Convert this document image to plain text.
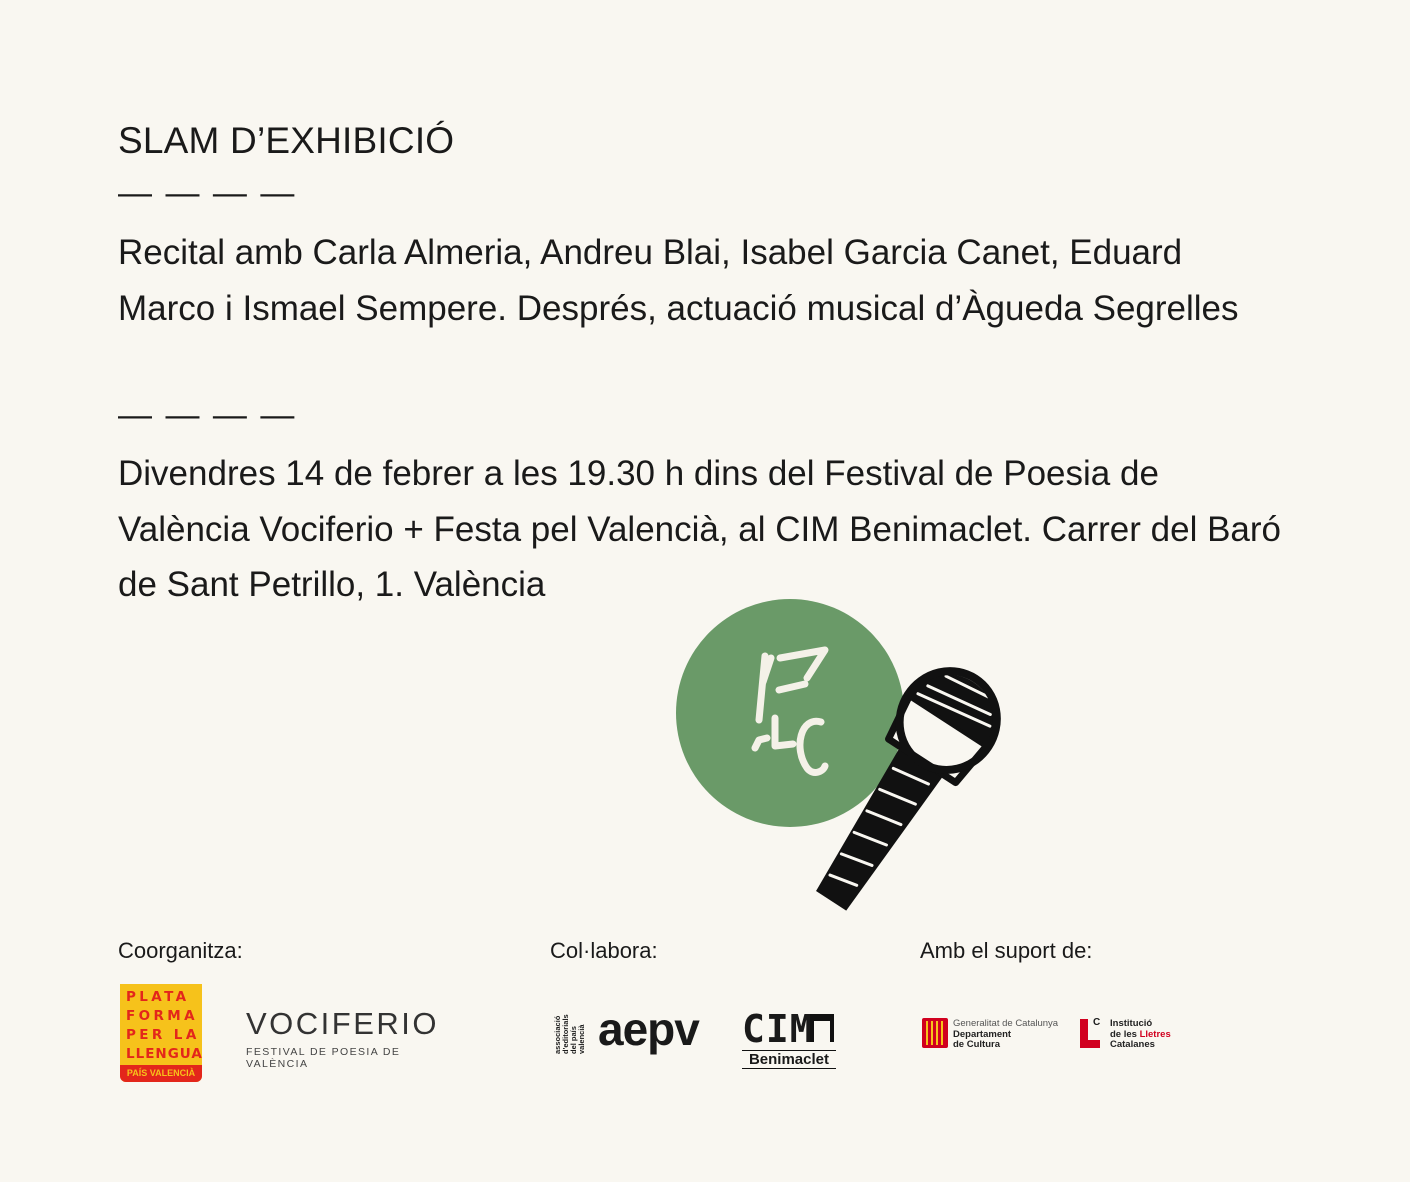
SLAM D’EXHIBICIÓ
— — — —
Recital amb Carla Almeria, Andreu Blai, Isabel Garcia Canet, Eduard Marco i Ismael Sempere. Després, actuació musical d’Àgueda Segrelles
— — — —
Divendres 14 de febrer a les 19.30 h dins del Festival de Poesia de València Vociferio + Festa pel Valencià, al CIM Benimaclet. Carrer del Baró de Sant Petrillo, 1. València	AELC
Coorganitza:	Col·labora:	Amb el suport de:
PLATA
FORMA
PER LA
LLENGUA
PAÍS VALENCIÀ
VOCIFERIO
FESTIVAL DE POESIA DE VALÈNCIA
associació d'editorials del país valencià aepv CIM
Benimaclet
Generalitat de Catalunya
Departament
de Cultura
C Institució
de les Lletres
Catalanes
